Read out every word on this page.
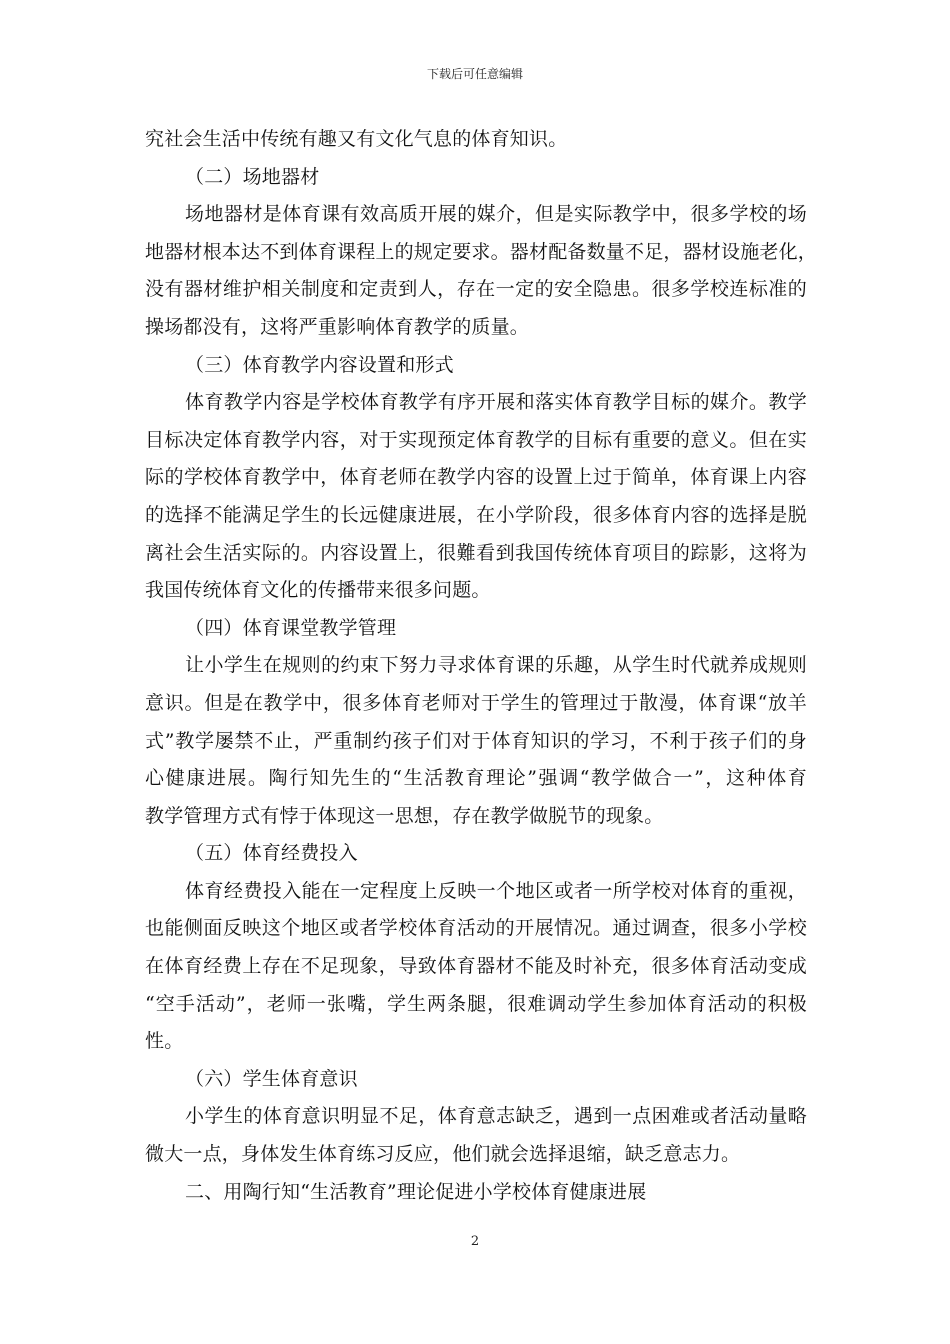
下载后可任意编辑
究社会生活中传统有趣又有文化气息的体育知识。
（二）场地器材
场地器材是体育课有效高质开展的媒介，但是实际教学中，很多学校的场
地器材根本达不到体育课程上的规定要求。器材配备数量不足，器材设施老化，
没有器材维护相关制度和定责到人，存在一定的安全隐患。很多学校连标准的
操场都没有，这将严重影响体育教学的质量。
（三）体育教学内容设置和形式
体育教学内容是学校体育教学有序开展和落实体育教学目标的媒介。教学
目标决定体育教学内容，对于实现预定体育教学的目标有重要的意义。但在实
际的学校体育教学中，体育老师在教学内容的设置上过于简单，体育课上内容
的选择不能满足学生的长远健康进展，在小学阶段，很多体育内容的选择是脱
离社会生活实际的。内容设置上，很難看到我国传统体育项目的踪影，这将为
我国传统体育文化的传播带来很多问题。
（四）体育课堂教学管理
让小学生在规则的约束下努力寻求体育课的乐趣，从学生时代就养成规则
意识。但是在教学中，很多体育老师对于学生的管理过于散漫，体育课“放羊
式”教学屡禁不止，严重制约孩子们对于体育知识的学习，不利于孩子们的身
心健康进展。陶行知先生的“生活教育理论”强调“教学做合一”，这种体育
教学管理方式有悖于体现这一思想，存在教学做脱节的现象。
（五）体育经费投入
体育经费投入能在一定程度上反映一个地区或者一所学校对体育的重视，
也能侧面反映这个地区或者学校体育活动的开展情况。通过调查，很多小学校
在体育经费上存在不足现象，导致体育器材不能及时补充，很多体育活动变成
“空手活动”，老师一张嘴，学生两条腿，很难调动学生参加体育活动的积极
性。
（六）学生体育意识
小学生的体育意识明显不足，体育意志缺乏，遇到一点困难或者活动量略
微大一点，身体发生体育练习反应，他们就会选择退缩，缺乏意志力。
二、用陶行知“生活教育”理论促进小学校体育健康进展
2
